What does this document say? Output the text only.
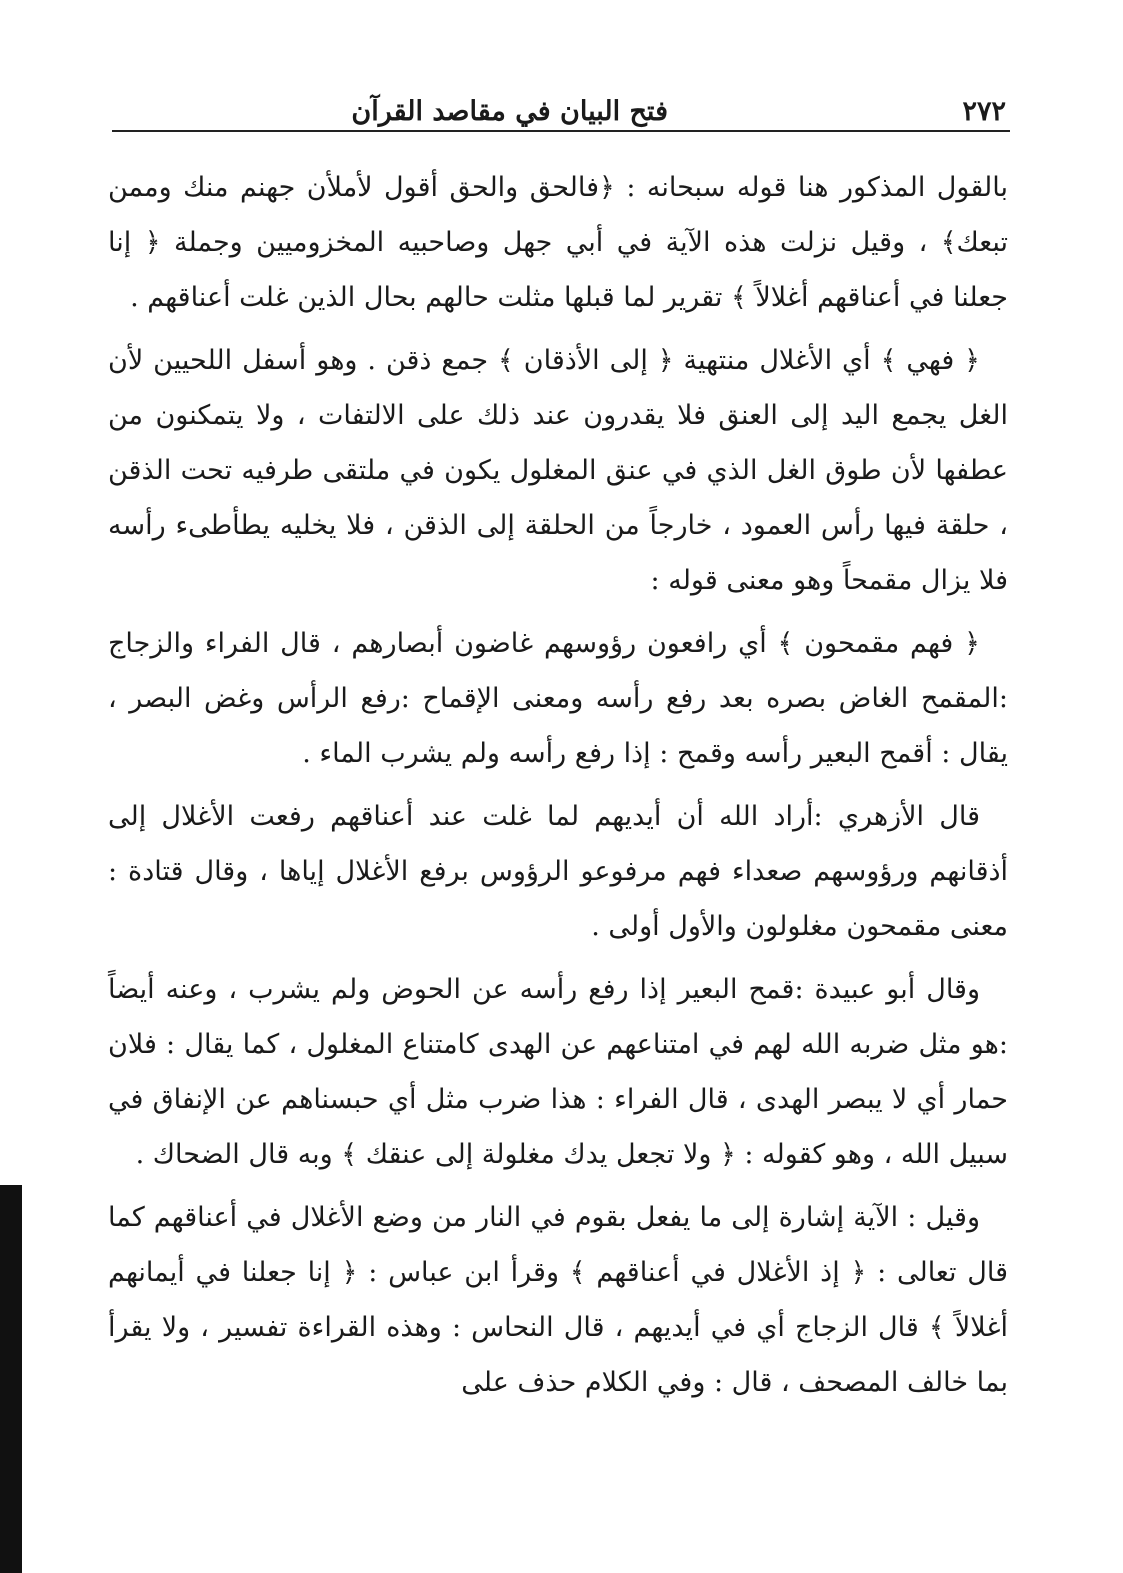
٢٧٢
فتح البيان في مقاصد القرآن

بالقول المذكور هنا قوله سبحانه : ﴿فالحق والحق أقول لأملأن جهنم منك وممن تبعك﴾ ، وقيل نزلت هذه الآية في أبي جهل وصاحبيه المخزوميين وجملة ﴿ إنا جعلنا في أعناقهم أغلالاً ﴾ تقرير لما قبلها مثلت حالهم بحال الذين غلت أعناقهم .

﴿ فهي ﴾ أي الأغلال منتهية ﴿ إلى الأذقان ﴾ جمع ذقن . وهو أسفل اللحيين لأن الغل يجمع اليد إلى العنق فلا يقدرون عند ذلك على الالتفات ، ولا يتمكنون من عطفها لأن طوق الغل الذي في عنق المغلول يكون في ملتقى طرفيه تحت الذقن ، حلقة فيها رأس العمود ، خارجاً من الحلقة إلى الذقن ، فلا يخليه يطأطىء رأسه فلا يزال مقمحاً وهو معنى قوله :

﴿ فهم مقمحون ﴾ أي رافعون رؤوسهم غاضون أبصارهم ، قال الفراء والزجاج :المقمح الغاض بصره بعد رفع رأسه ومعنى الإقماح :رفع الرأس وغض البصر ، يقال : أقمح البعير رأسه وقمح : إذا رفع رأسه ولم يشرب الماء .

قال الأزهري :أراد الله أن أيديهم لما غلت عند أعناقهم رفعت الأغلال إلى أذقانهم ورؤوسهم صعداء فهم مرفوعو الرؤوس برفع الأغلال إياها ، وقال قتادة : معنى مقمحون مغلولون والأول أولى .

وقال أبو عبيدة :قمح البعير إذا رفع رأسه عن الحوض ولم يشرب ، وعنه أيضاً :هو مثل ضربه الله لهم في امتناعهم عن الهدى كامتناع المغلول ، كما يقال : فلان حمار أي لا يبصر الهدى ، قال الفراء : هذا ضرب مثل أي حبسناهم عن الإنفاق في سبيل الله ، وهو كقوله : ﴿ ولا تجعل يدك مغلولة إلى عنقك ﴾ وبه قال الضحاك .

وقيل : الآية إشارة إلى ما يفعل بقوم في النار من وضع الأغلال في أعناقهم كما قال تعالى : ﴿ إذ الأغلال في أعناقهم ﴾ وقرأ ابن عباس : ﴿ إنا جعلنا في أيمانهم أغلالاً ﴾ قال الزجاج أي في أيديهم ، قال النحاس : وهذه القراءة تفسير ، ولا يقرأ بما خالف المصحف ، قال : وفي الكلام حذف على
